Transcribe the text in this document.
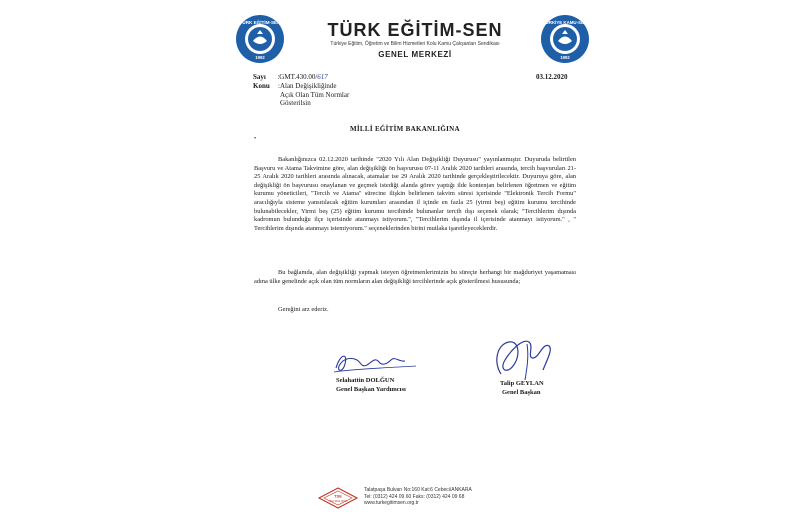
TÜRK EĞİTİM-SEN
1992
TÜRK EĞİTİM-SEN
Türkiye Eğitim, Öğretim ve Bilim Hizmetleri Kolu Kamu Çalışanları Sendikası
GENEL MERKEZİ
TÜRKİYE KAMU-SEN
1992
Sayı :GMT.430.00/617
Konu :Alan Değişikliğinde
Açık Olan Tüm Normlar
Gösterilsin
03.12.2020
MİLLİ EĞİTİM BAKANLIĞINA
•

Bakanlığınızca 02.12.2020 tarihinde "2020 Yılı Alan Değişikliği Duyurusu" yayınlanmıştır. Duyuruda belirtilen Başvuru ve Atama Takvimine göre, alan değişikliği ön başvurusu 07-11 Aralık 2020 tarihleri arasında, tercih başvuruları 21-25 Aralık 2020 tarihleri arasında alınacak, atamalar ise 29 Aralık 2020 tarihinde gerçekleştirilecektir. Duyuruya göre, alan değişikliği ön başvurusu onaylanan ve geçmek istediği alanda görev yaptığı ilde kontenjan belirlenen öğretmen ve eğitim kurumu yöneticileri, "Tercih ve Atama" sürecine ilişkin belirlenen takvim süresi içerisinde "Elektronik Tercih Formu" aracılığıyla sisteme yansıtılacak eğitim kurumları arasından il içinde en fazla 25 (yirmi beş) eğitim kurumu tercihinde bulunabilecekler, Yirmi beş (25) eğitim kurumu tercihinde bulunanlar tercih dışı seçenek olarak; "Tercihlerim dışında kadromun bulunduğu ilçe içerisinde atanmayı istiyorum.", "Tercihlerim dışında il içerisinde atanmayı istiyorum." , " Tercihlerim dışında atanmayı istemiyorum." seçeneklerinden birini mutlaka işaretleyeceklerdir.

Bu bağlamda, alan değişikliği yapmak isteyen öğretmenlerimizin bu süreçte herhangi bir mağduriyet yaşamaması adına ülke genelinde açık olan tüm normların alan değişikliği tercihlerinde açık gösterilmesi hususunda;

Gereğini arz ederiz.

Selahattin DOLĞUN
Genel Başkan Yardımcısı
Talip GEYLAN
Genel Başkan
TSE
ISO 9001:2015
Talatpaşa Bulvarı No:160 Kat:6 Cebeci/ANKARA
Tel: (0312) 424 09 60 Faks: (0312) 424 09 68
www.turkegitimsen.org.tr
